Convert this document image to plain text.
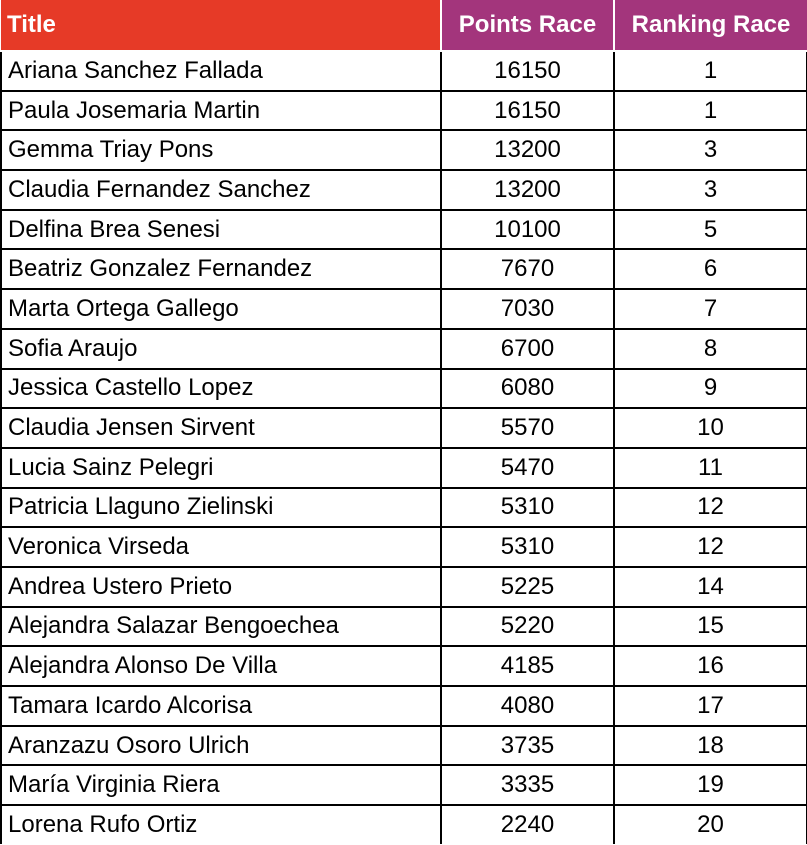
Title	Points Race	Ranking Race
Ariana Sanchez Fallada	16150	1
Paula Josemaria Martin	16150	1
Gemma Triay Pons	13200	3
Claudia Fernandez Sanchez	13200	3
Delfina Brea Senesi	10100	5
Beatriz Gonzalez Fernandez	7670	6
Marta Ortega Gallego	7030	7
Sofia Araujo	6700	8
Jessica Castello Lopez	6080	9
Claudia Jensen Sirvent	5570	10
Lucia Sainz Pelegri	5470	11
Patricia Llaguno Zielinski	5310	12
Veronica Virseda	5310	12
Andrea Ustero Prieto	5225	14
Alejandra Salazar Bengoechea	5220	15
Alejandra Alonso De Villa	4185	16
Tamara Icardo Alcorisa	4080	17
Aranzazu Osoro Ulrich	3735	18
María Virginia Riera	3335	19
Lorena Rufo Ortiz	2240	20
